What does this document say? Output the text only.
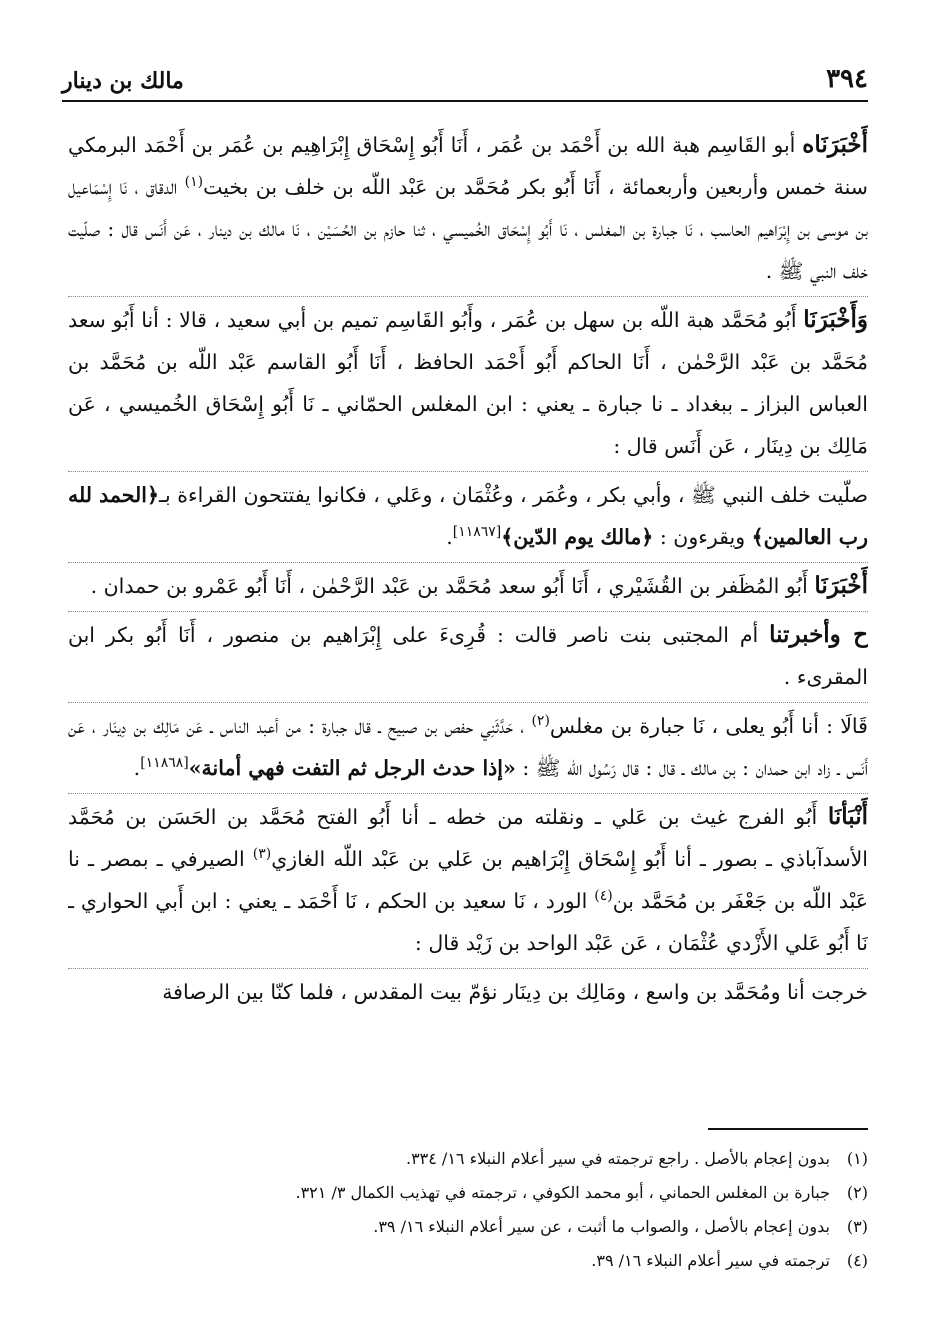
٣٩٤
مالك بن دينار

أَخْبَرَنَاه أبو القَاسِم هبة الله بن أَحْمَد بن عُمَر ، أَنَا أَبُو إِسْحَاق إِبْرَاهِيم بن عُمَر بن أَحْمَد البرمكي سنة خمس وأربعين وأربعمائة ، أَنَا أَبُو بكر مُحَمَّد بن عَبْد اللّه بن خلف بن بخيت$^{(١)}$ الدقاق ، نَا إِسْمَاعيل بن موسى بن إِبْرَاهيم الحاسب ، نَا جبارة بن المغلس ، نَا أَبُو إِسْحَاق الخُميسي ، ثنا حازم بن الحُسَيْن ، نَا مالك بن دينار ، عَن أَنَس قال : صلّيت خلف النبي ﷺ .

وَأَخْبَرَنَا أَبُو مُحَمَّد هبة اللّه بن سهل بن عُمَر ، وأَبُو القَاسِم تميم بن أبي سعيد ، قالا : أنا أَبُو سعد مُحَمَّد بن عَبْد الرَّحْمٰن ، أَنَا الحاكم أَبُو أَحْمَد الحافظ ، أَنَا أَبُو القاسم عَبْد اللّه بن مُحَمَّد بن العباس البزاز ـ ببغداد ـ نا جبارة ـ يعني : ابن المغلس الحمّاني ـ نَا أَبُو إِسْحَاق الخُميسي ، عَن مَالِك بن دِينَار ، عَن أَنَس قال :

صلّيت خلف النبي ﷺ ، وأبي بكر ، وعُمَر ، وعُثْمَان ، وعَلي ، فكانوا يفتتحون القراءة بـ﴿الحمد لله رب العالمين﴾ ويقرءون : ﴿مالك يوم الدّين﴾[١١٨٦٧].

أَخْبَرَنَا أَبُو المُظَفر بن القُشَيْري ، أَنَا أَبُو سعد مُحَمَّد بن عَبْد الرَّحْمٰن ، أَنَا أَبُو عَمْرو بن حمدان .

ح وأخبرتنا أم المجتبى بنت ناصر قالت : قُرِىءَ على إِبْرَاهيم بن منصور ، أَنَا أَبُو بكر ابن المقرىء .

قَالَا : أنا أَبُو يعلى ، نَا جبارة بن مغلس$^{(٢)}$ ، حَدَّثَنِي حفص بن صبيح ـ قال جبارة : من أعبد الناس ـ عَن مَالِك بن دِينَار ، عَن أَنَس ـ زاد ابن حمدان : بن مالك ـ قال : قال رَسُول الله ﷺ : «إذا حدث الرجل ثم التفت فهي أمانة»[١١٨٦٨].

أَنْبَأنَا أَبُو الفرج غيث بن عَلي ـ ونقلته من خطه ـ أنا أَبُو الفتح مُحَمَّد بن الحَسَن بن مُحَمَّد الأسدآباذي ـ بصور ـ أنا أَبُو إِسْحَاق إِبْرَاهيم بن عَلي بن عَبْد اللّه الغازي$^{(٣)}$ الصيرفي ـ بمصر ـ نا عَبْد اللّه بن جَعْفَر بن مُحَمَّد بن$^{(٤)}$ الورد ، نَا سعيد بن الحكم ، نَا أَحْمَد ـ يعني : ابن أَبي الحواري ـ نَا أَبُو عَلي الأَزْدي عُثْمَان ، عَن عَبْد الواحد بن زَيْد قال :

خرجت أنا ومُحَمَّد بن واسع ، ومَالِك بن دِينَار نؤمّ بيت المقدس ، فلما كنّا بين الرصافة

(١)
بدون إعجام بالأصل . راجع ترجمته في سير أعلام النبلاء ١٦/ ٣٣٤.
(٢)
جبارة بن المغلس الحماني ، أبو محمد الكوفي ، ترجمته في تهذيب الكمال ٣/ ٣٢١.
(٣)
بدون إعجام بالأصل ، والصواب ما أثبت ، عن سير أعلام النبلاء ١٦/ ٣٩.
(٤)
ترجمته في سير أعلام النبلاء ١٦/ ٣٩.
